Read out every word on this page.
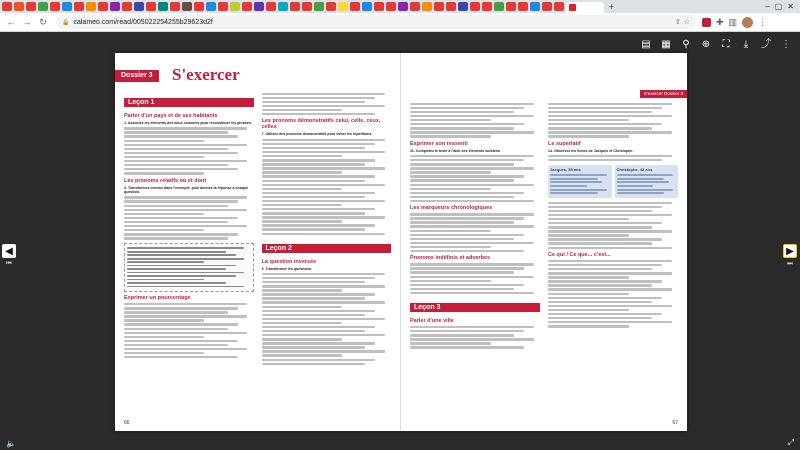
+	– ▢ ✕
← → ↻	🔒 calameo.com/read/005022254255b29623d2f	⇪ ☆	✚ ▥ ⋮
▤ ▦ ⚲ ⊕ ⛶	⤓	⤴ ⋮

Dossier 3	S'exercer
Leçon 1
Parler d'un pays et de ses habitants
1. Associez les éléments des deux colonnes pour reconstituer les phrases.
Les pronoms relatifs où et dont
4. Transformez comme dans l'exemple, puis donnez la réponse à chaque question.
Exprimer un pourcentage
Les pronoms démonstratifs celui, celle, ceux, celles
7. Utilisez des pronoms démonstratifs pour éviter les répétitions.
Leçon 2
La question inversée
9. Transformez les questions.
66
S'exercer Dossier 3
Exprimer son ressenti
11. Complétez le texte à l'aide des éléments suivants.
Les marqueurs chronologiques
Pronoms indéfinis et adverbes
Leçon 3
Parler d'une ville
Le superlatif
14. Observez les fiches de Jacques et Christophe.
Jacques, 35 ans	Christophe, 42 ans
Ce qui / Ce que... c'est...
67
◀
⏮
▶
⏭
🔈	⤢
